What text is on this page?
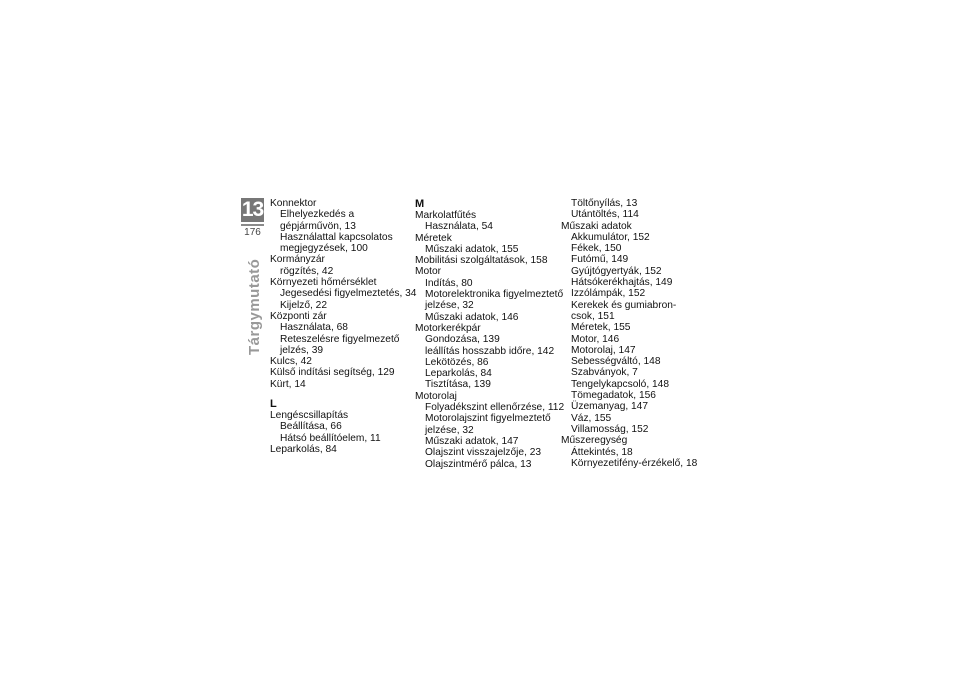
13
176
Tárgymutató
Konnektor
Elhelyezkedés a
gépjárművön, 13
Használattal kapcsolatos
megjegyzések, 100
Kormányzár
rögzítés, 42
Környezeti hőmérséklet
Jegesedési figyelmeztetés, 34
Kijelző, 22
Központi zár
Használata, 68
Reteszelésre figyelmezető
jelzés, 39
Kulcs, 42
Külső indítási segítség, 129
Kürt, 14
L
Lengéscsillapítás
Beállítása, 66
Hátsó beállítóelem, 11
Leparkolás, 84
M
Markolatfűtés
Használata, 54
Méretek
Műszaki adatok, 155
Mobilitási szolgáltatások, 158
Motor
Indítás, 80
Motorelektronika figyelmeztető
jelzése, 32
Műszaki adatok, 146
Motorkerékpár
Gondozása, 139
leállítás hosszabb időre, 142
Lekötözés, 86
Leparkolás, 84
Tisztítása, 139
Motorolaj
Folyadékszint ellenőrzése, 112
Motorolajszint figyelmeztető
jelzése, 32
Műszaki adatok, 147
Olajszint visszajelzője, 23
Olajszintmérő pálca, 13
Töltőnyílás, 13
Utántöltés, 114
Műszaki adatok
Akkumulátor, 152
Fékek, 150
Futómű, 149
Gyújtógyertyák, 152
Hátsókerékhajtás, 149
Izzólámpák, 152
Kerekek és gumiabron-
csok, 151
Méretek, 155
Motor, 146
Motorolaj, 147
Sebességváltó, 148
Szabványok, 7
Tengelykapcsoló, 148
Tömegadatok, 156
Üzemanyag, 147
Váz, 155
Villamosság, 152
Műszeregység
Áttekintés, 18
Környezetifény-érzékelő, 18
